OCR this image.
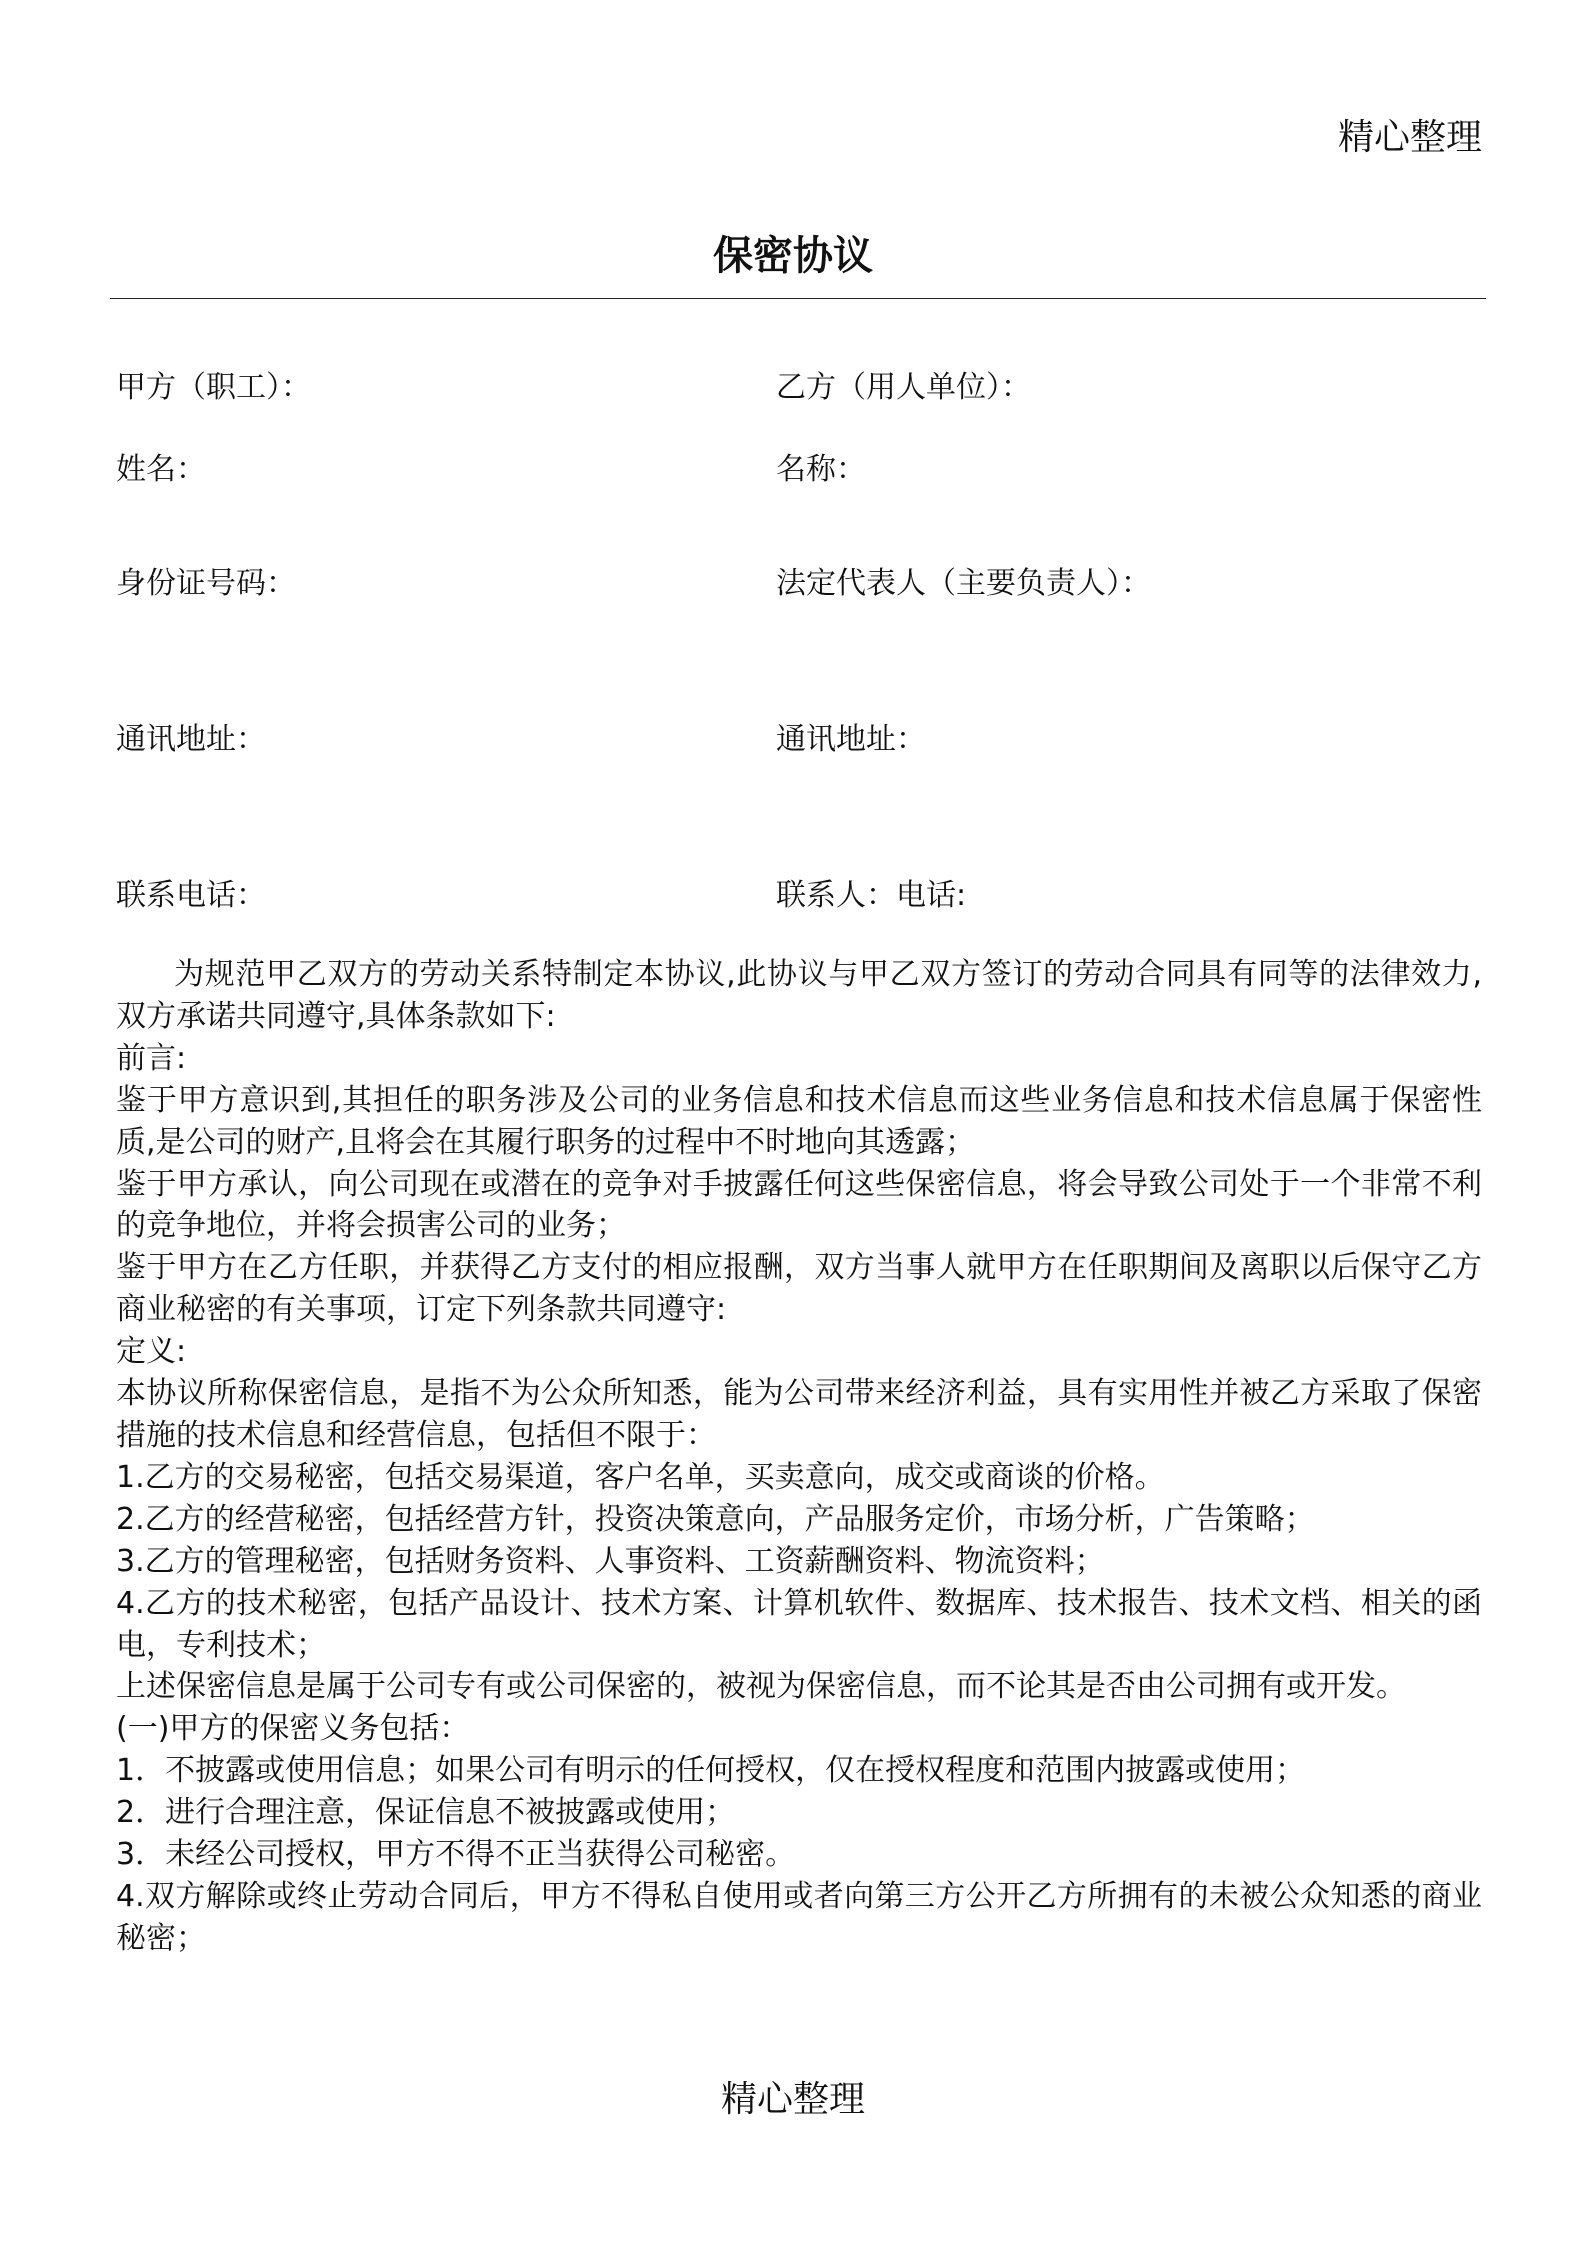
精心整理
保密协议
甲方（职工）：	乙方（用人单位）：
姓名：	名称：
身份证号码：	法定代表人（主要负责人）：
通讯地址：	通讯地址：
联系电话：	联系人：电话:

为规范甲乙双方的劳动关系特制定本协议,此协议与甲乙双方签订的劳动合同具有同等的法律效力,双方承诺共同遵守,具体条款如下:

前言:

鉴于甲方意识到,其担任的职务涉及公司的业务信息和技术信息而这些业务信息和技术信息属于保密性质,是公司的财产,且将会在其履行职务的过程中不时地向其透露；

鉴于甲方承认，向公司现在或潜在的竞争对手披露任何这些保密信息，将会导致公司处于一个非常不利的竞争地位，并将会损害公司的业务；

鉴于甲方在乙方任职，并获得乙方支付的相应报酬，双方当事人就甲方在任职期间及离职以后保守乙方商业秘密的有关事项，订定下列条款共同遵守:

定义:

本协议所称保密信息，是指不为公众所知悉，能为公司带来经济利益，具有实用性并被乙方采取了保密措施的技术信息和经营信息，包括但不限于：

1.乙方的交易秘密，包括交易渠道，客户名单，买卖意向，成交或商谈的价格。

2.乙方的经营秘密，包括经营方针，投资决策意向，产品服务定价，市场分析，广告策略；

3.乙方的管理秘密，包括财务资料、人事资料、工资薪酬资料、物流资料；

4.乙方的技术秘密，包括产品设计、技术方案、计算机软件、数据库、技术报告、技术文档、相关的函电，专利技术；

上述保密信息是属于公司专有或公司保密的，被视为保密信息，而不论其是否由公司拥有或开发。

(一)甲方的保密义务包括：

1．不披露或使用信息；如果公司有明示的任何授权，仅在授权程度和范围内披露或使用；

2．进行合理注意，保证信息不被披露或使用；

3．未经公司授权，甲方不得不正当获得公司秘密。

4.双方解除或终止劳动合同后，甲方不得私自使用或者向第三方公开乙方所拥有的未被公众知悉的商业秘密；

精心整理
